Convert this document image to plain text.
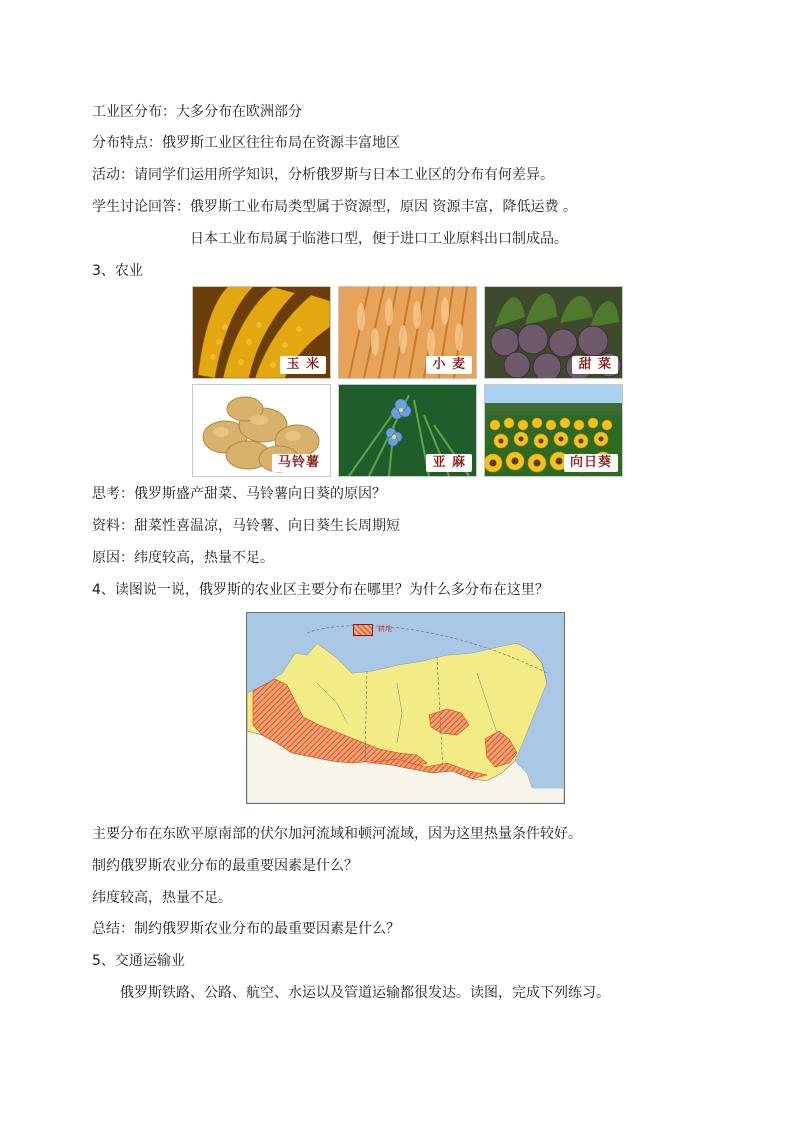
工业区分布：大多分布在欧洲部分
分布特点：俄罗斯工业区往往布局在资源丰富地区
活动：请同学们运用所学知识，分析俄罗斯与日本工业区的分布有何差异。
学生讨论回答：俄罗斯工业布局类型属于资源型，原因 资源丰富，降低运费 。
日本工业布局属于临港口型，便于进口工业原料出口制成品。
3、农业
玉 米	小 麦	甜 菜
马铃薯	亚 麻	向日葵
思考：俄罗斯盛产甜菜、马铃薯向日葵的原因？
资料：甜菜性喜温凉，马铃薯、向日葵生长周期短
原因：纬度较高，热量不足。
4、读图说一说，俄罗斯的农业区主要分布在哪里？为什么多分布在这里？
耕地
主要分布在东欧平原南部的伏尔加河流域和顿河流域，因为这里热量条件较好。
制约俄罗斯农业分布的最重要因素是什么？
纬度较高，热量不足。
总结：制约俄罗斯农业分布的最重要因素是什么？
5、交通运输业
俄罗斯铁路、公路、航空、水运以及管道运输都很发达。读图，完成下列练习。
